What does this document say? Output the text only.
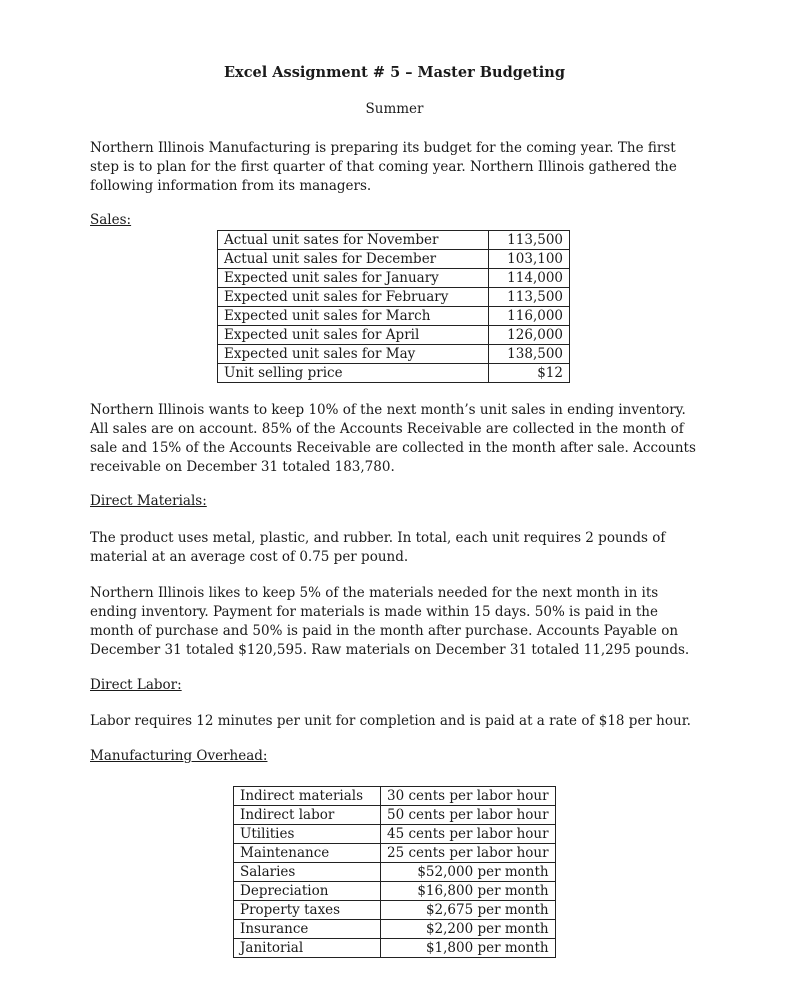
Excel Assignment # 5 – Master Budgeting
Summer
Northern Illinois Manufacturing is preparing its budget for the coming year. The first step is to plan for the first quarter of that coming year. Northern Illinois gathered the following information from its managers.
Sales:
Actual unit sates for November	113,500
Actual unit sales for December	103,100
Expected unit sales for January	114,000
Expected unit sales for February	113,500
Expected unit sales for March	116,000
Expected unit sales for April	126,000
Expected unit sales for May	138,500
Unit selling price	$12
Northern Illinois wants to keep 10% of the next month’s unit sales in ending inventory. All sales are on account. 85% of the Accounts Receivable are collected in the month of sale and 15% of the Accounts Receivable are collected in the month after sale. Accounts receivable on December 31 totaled 183,780.
Direct Materials:
The product uses metal, plastic, and rubber. In total, each unit requires 2 pounds of material at an average cost of 0.75 per pound.
Northern Illinois likes to keep 5% of the materials needed for the next month in its ending inventory. Payment for materials is made within 15 days. 50% is paid in the month of purchase and 50% is paid in the month after purchase. Accounts Payable on December 31 totaled $120,595. Raw materials on December 31 totaled 11,295 pounds.
Direct Labor:
Labor requires 12 minutes per unit for completion and is paid at a rate of $18 per hour.
Manufacturing Overhead:
Indirect materials	30 cents per labor hour
Indirect labor	50 cents per labor hour
Utilities	45 cents per labor hour
Maintenance	25 cents per labor hour
Salaries	$52,000 per month
Depreciation	$16,800 per month
Property taxes	$2,675 per month
Insurance	$2,200 per month
Janitorial	$1,800 per month
